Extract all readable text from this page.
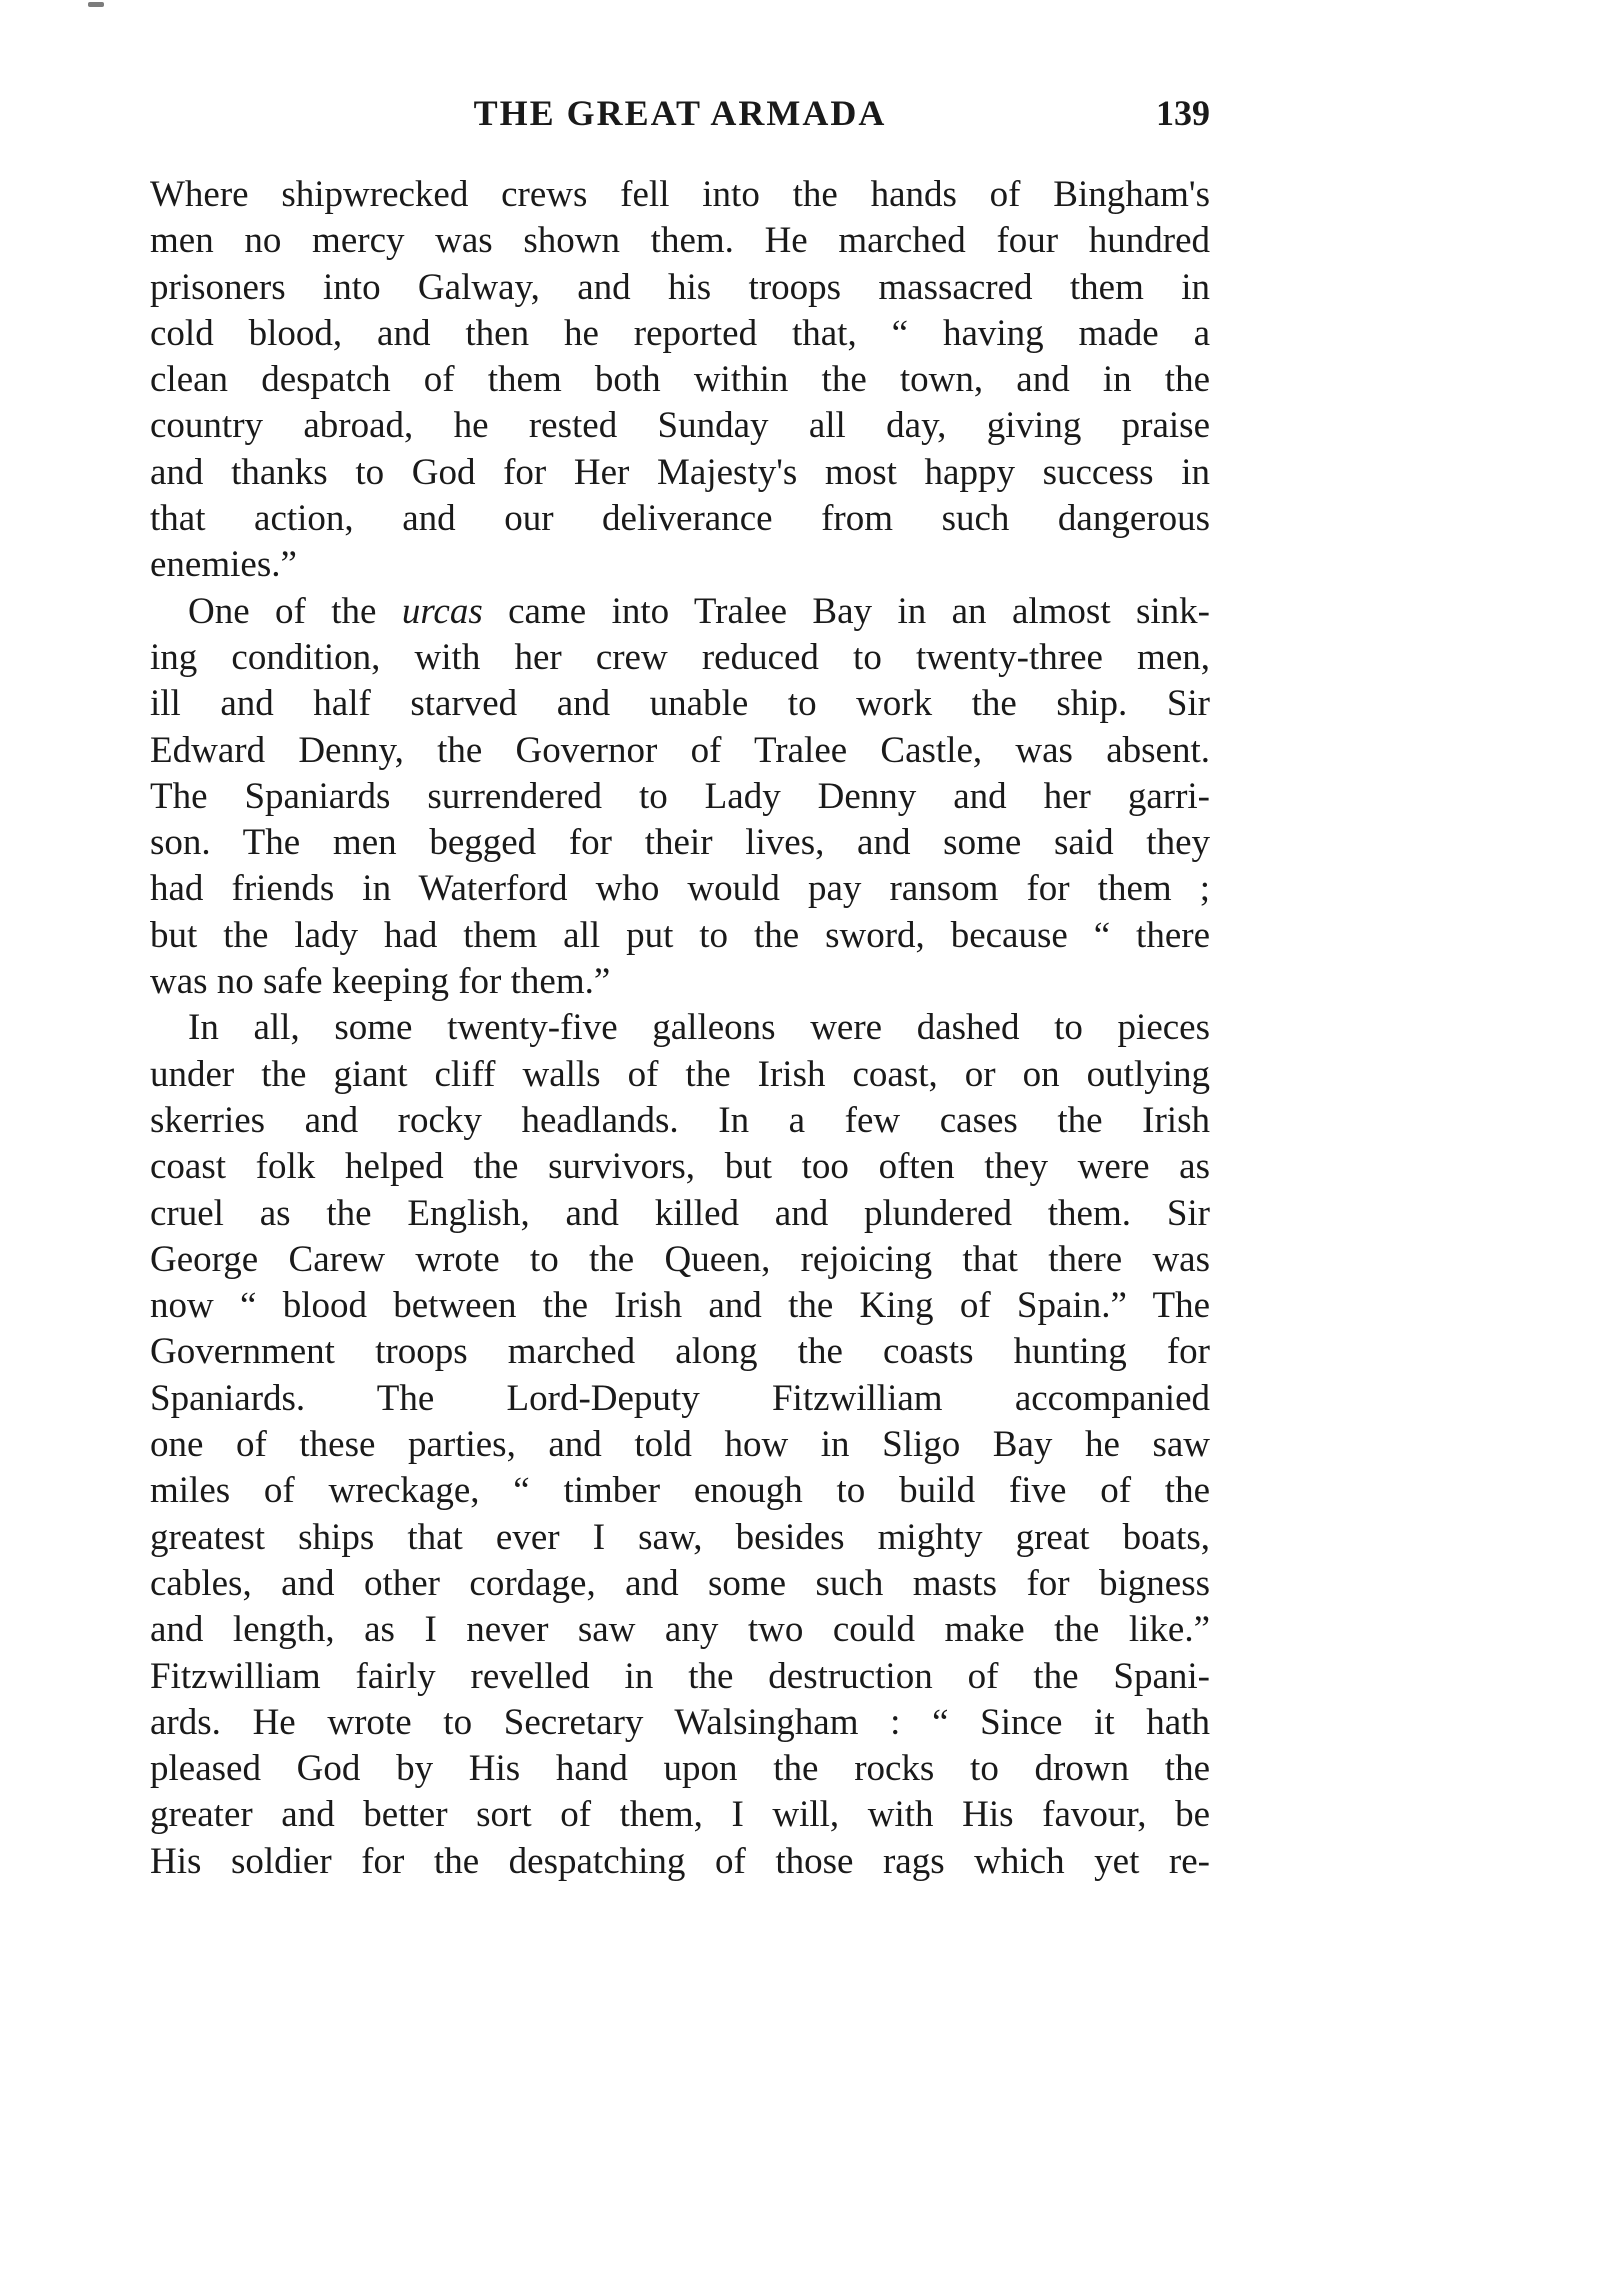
THE GREAT ARMADA	139
Where shipwrecked crews fell into the hands of Bingham's
men no mercy was shown them. He marched four hundred
prisoners into Galway, and his troops massacred them in
cold blood, and then he reported that, “ having made a
clean despatch of them both within the town, and in the
country abroad, he rested Sunday all day, giving praise
and thanks to God for Her Majesty's most happy success in
that action, and our deliverance from such dangerous
enemies.”
One of the urcas came into Tralee Bay in an almost sink-
ing condition, with her crew reduced to twenty-three men,
ill and half starved and unable to work the ship. Sir
Edward Denny, the Governor of Tralee Castle, was absent.
The Spaniards surrendered to Lady Denny and her garri-
son. The men begged for their lives, and some said they
had friends in Waterford who would pay ransom for them ;
but the lady had them all put to the sword, because “ there
was no safe keeping for them.”
In all, some twenty-five galleons were dashed to pieces
under the giant cliff walls of the Irish coast, or on outlying
skerries and rocky headlands. In a few cases the Irish
coast folk helped the survivors, but too often they were as
cruel as the English, and killed and plundered them. Sir
George Carew wrote to the Queen, rejoicing that there was
now “ blood between the Irish and the King of Spain.” The
Government troops marched along the coasts hunting for
Spaniards. The Lord-Deputy Fitzwilliam accompanied
one of these parties, and told how in Sligo Bay he saw
miles of wreckage, “ timber enough to build five of the
greatest ships that ever I saw, besides mighty great boats,
cables, and other cordage, and some such masts for bigness
and length, as I never saw any two could make the like.”
Fitzwilliam fairly revelled in the destruction of the Spani-
ards. He wrote to Secretary Walsingham : “ Since it hath
pleased God by His hand upon the rocks to drown the
greater and better sort of them, I will, with His favour, be
His soldier for the despatching of those rags which yet re-
